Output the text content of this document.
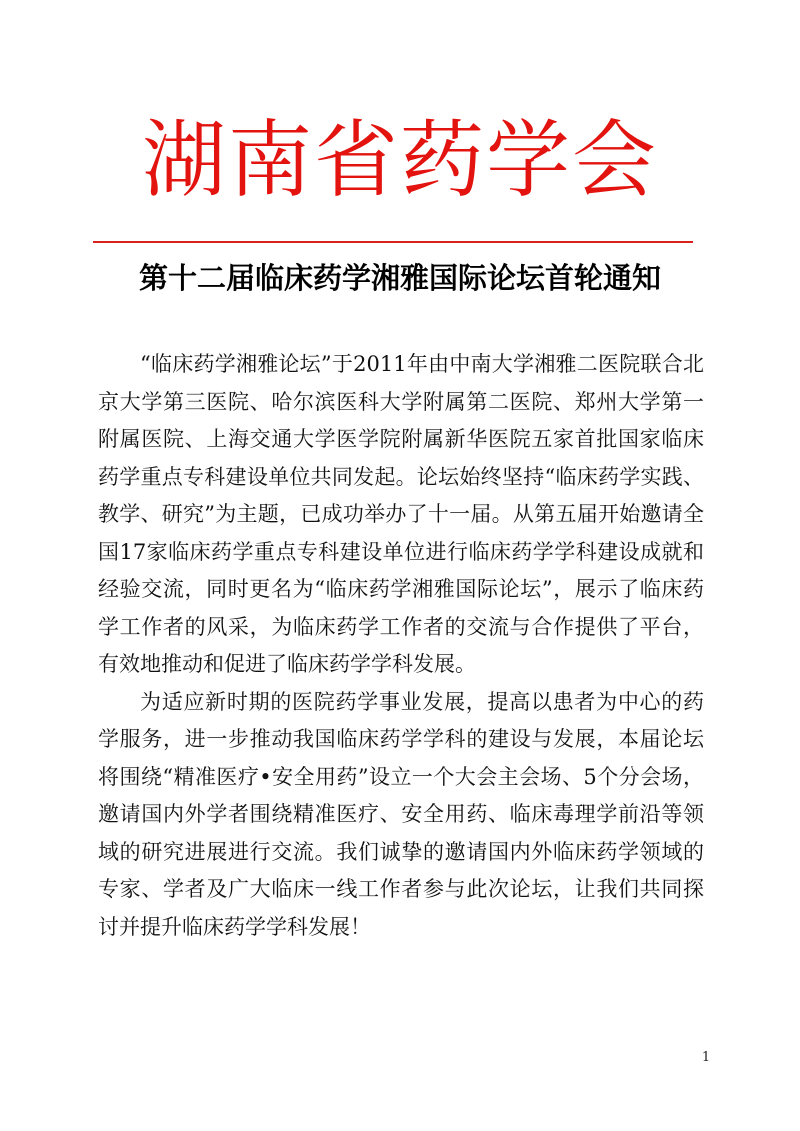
湖南省药学会
第十二届临床药学湘雅国际论坛首轮通知

“临床药学湘雅论坛”于2011年由中南大学湘雅二医院联合北京大学第三医院、哈尔滨医科大学附属第二医院、郑州大学第一附属医院、上海交通大学医学院附属新华医院五家首批国家临床药学重点专科建设单位共同发起。论坛始终坚持“临床药学实践、教学、研究”为主题，已成功举办了十一届。从第五届开始邀请全国17家临床药学重点专科建设单位进行临床药学学科建设成就和经验交流，同时更名为“临床药学湘雅国际论坛”，展示了临床药学工作者的风采，为临床药学工作者的交流与合作提供了平台，有效地推动和促进了临床药学学科发展。

为适应新时期的医院药学事业发展，提高以患者为中心的药学服务，进一步推动我国临床药学学科的建设与发展，本届论坛将围绕“精准医疗•安全用药”设立一个大会主会场、5个分会场，邀请国内外学者围绕精准医疗、安全用药、临床毒理学前沿等领域的研究进展进行交流。我们诚挚的邀请国内外临床药学领域的专家、学者及广大临床一线工作者参与此次论坛，让我们共同探讨并提升临床药学学科发展！

1
